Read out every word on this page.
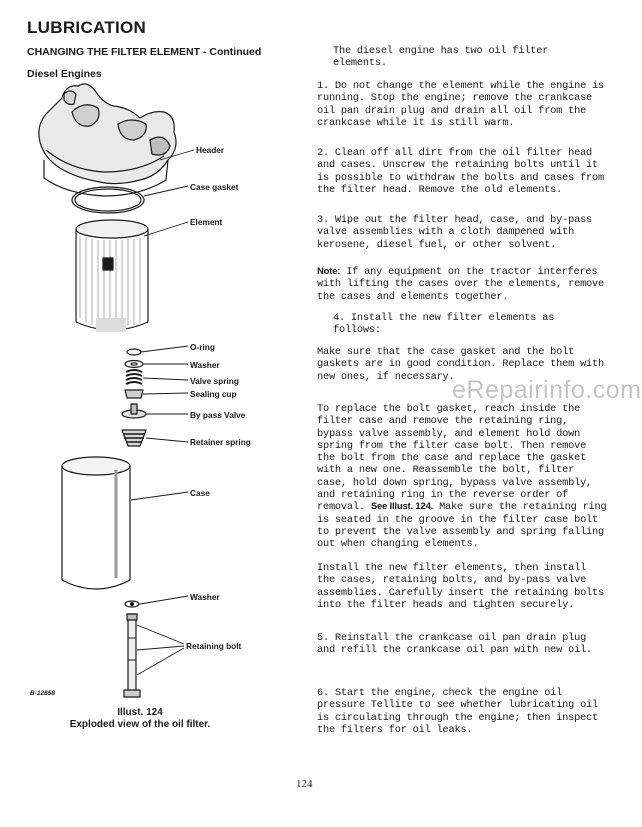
LUBRICATION
CHANGING THE FILTER ELEMENT - Continued
Diesel Engines
Header
Case gasket
Element
O-ring
Washer
Valve spring
Sealing cup
By pass Valve
Retainer spring
Case
Washer
Retaining bolt
B-12858
Illust. 124
Exploded view of the oil filter.

The diesel engine has two oil filter elements.

1. Do not change the element while the engine is running. Stop the engine; remove the crankcase oil pan drain plug and drain all oil from the crankcase while it is still warm.

2. Clean off all dirt from the oil filter head and cases. Unscrew the retaining bolts until it is possible to withdraw the bolts and cases from the filter head. Remove the old elements.

3. Wipe out the filter head, case, and by-pass valve assemblies with a cloth dampened with kerosene, diesel fuel, or other solvent.

Note: If any equipment on the tractor interferes with lifting the cases over the elements, remove the cases and elements together.

4. Install the new filter elements as follows:

Make sure that the case gasket and the bolt gaskets are in good condition. Replace them with new ones, if necessary.

To replace the bolt gasket, reach inside the filter case and remove the retaining ring, bypass valve assembly, and element hold down spring from the filter case bolt. Then remove the bolt from the case and replace the gasket with a new one. Reassemble the bolt, filter case, hold down spring, bypass valve assembly, and retaining ring in the reverse order of removal. See Illust. 124. Make sure the retaining ring is seated in the groove in the filter case bolt to prevent the valve assembly and spring falling out when changing elements.

Install the new filter elements, then install the cases, retaining bolts, and by-pass valve assemblies. Carefully insert the retaining bolts into the filter heads and tighten securely.

5. Reinstall the crankcase oil pan drain plug and refill the crankcase oil pan with new oil.

6. Start the engine, check the engine oil pressure Tellite to see whether lubricating oil is circulating through the engine; then inspect the filters for oil leaks.

eRepairinfo.com
124
